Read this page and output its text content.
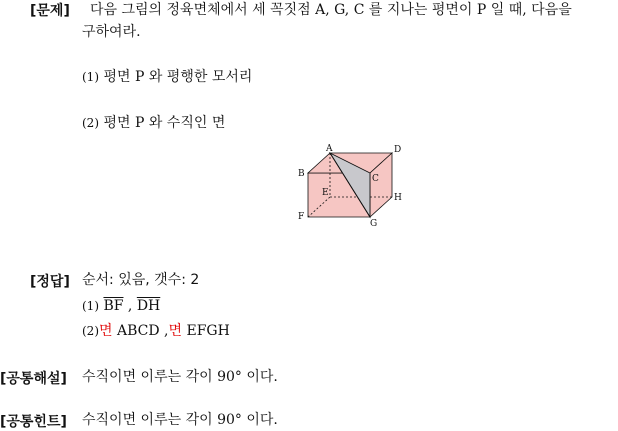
[문제] 다음 그림의 정육면체에서 세 꼭짓점 A, G, C 를 지나는 평면이 P 일 때, 다음을
구하여라.
(1) 평면 P 와 평행한 모서리
(2) 평면 P 와 수직인 면
A	D
B	C
E	H
F
G
[정답] 순서: 있음, 갯수: 2
(1) $\overline{BF}$ , $\overline{DH}$
(2)면 ABCD ,면 EFGH
[공통해설] 수직이면 이루는 각이 90° 이다.
[공통힌트] 수직이면 이루는 각이 90° 이다.
